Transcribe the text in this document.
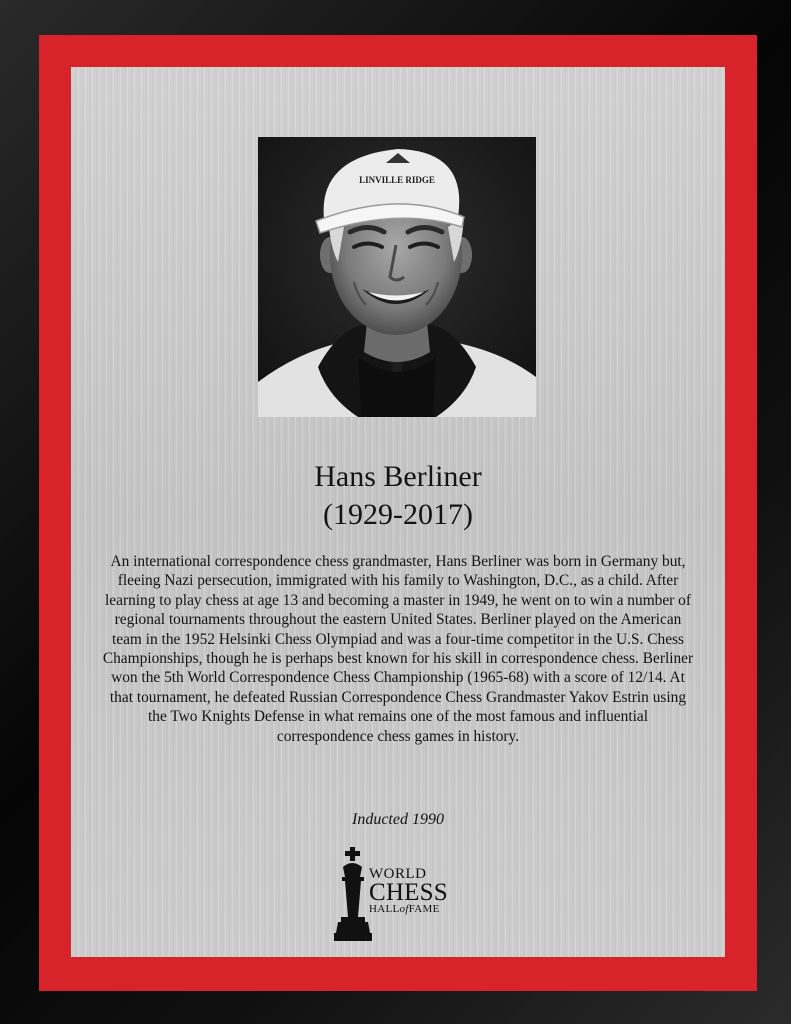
LINVILLE RIDGE
Hans Berliner
(1929-2017)
An international correspondence chess grandmaster, Hans Berliner was born in Germany but, fleeing Nazi persecution, immigrated with his family to Washington, D.C., as a child. After learning to play chess at age 13 and becoming a master in 1949, he went on to win a number of regional tournaments throughout the eastern United States. Berliner played on the American team in the 1952 Helsinki Chess Olympiad and was a four-time competitor in the U.S. Chess Championships, though he is perhaps best known for his skill in correspondence chess. Berliner won the 5th World Correspondence Chess Championship (1965-68) with a score of 12/14. At that tournament, he defeated Russian Correspondence Chess Grandmaster Yakov Estrin using the Two Knights Defense in what remains one of the most famous and influential correspondence chess games in history.
Inducted 1990
WORLD
CHESS
HALLofFAME
